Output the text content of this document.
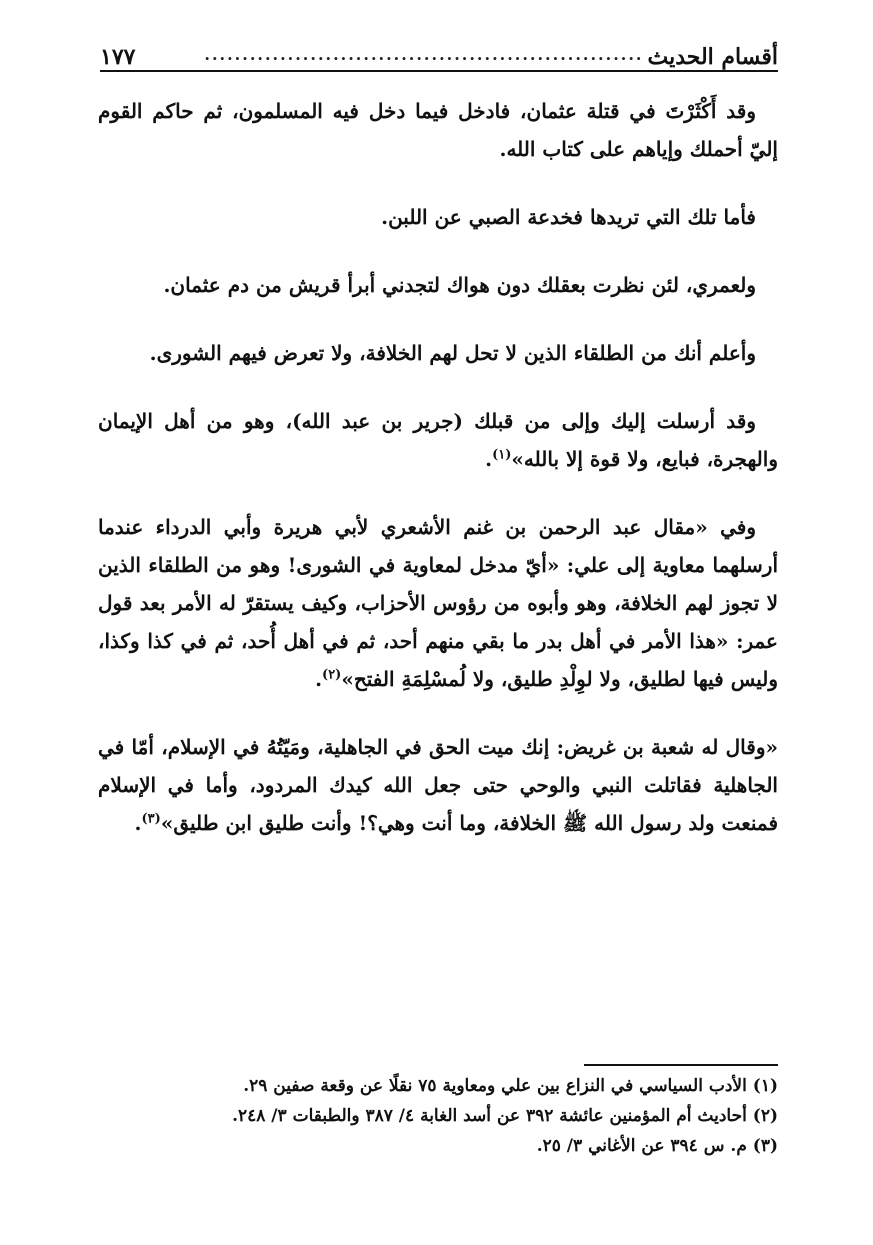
أقسام الحديث
..........................................................
١٧٧

وقد أَكْثَرْتَ في قتلة عثمان، فادخل فيما دخل فيه المسلمون، ثم حاكم القوم إليّ أحملك وإياهم على كتاب الله.

فأما تلك التي تريدها فخدعة الصبي عن اللبن.

ولعمري، لئن نظرت بعقلك دون هواك لتجدني أبرأ قريش من دم عثمان.

وأعلم أنك من الطلقاء الذين لا تحل لهم الخلافة، ولا تعرض فيهم الشورى.

وقد أرسلت إليك وإلى من قبلك (جرير بن عبد الله)، وهو من أهل الإيمان والهجرة، فبايع، ولا قوة إلا بالله»$^{(١)}$.

وفي «مقال عبد الرحمن بن غنم الأشعري لأبي هريرة وأبي الدرداء عندما أرسلهما معاوية إلى علي: «أيّ مدخل لمعاوية في الشورى! وهو من الطلقاء الذين لا تجوز لهم الخلافة، وهو وأبوه من رؤوس الأحزاب، وكيف يستقرّ له الأمر بعد قول عمر: «هذا الأمر في أهل بدر ما بقي منهم أحد، ثم في أهل أُحد، ثم في كذا وكذا، وليس فيها لطليق، ولا لوِلْدِ طليق، ولا لُمسْلِمَةِ الفتح»$^{(٢)}$.

«وقال له شعبة بن غريض: إنك ميت الحق في الجاهلية، ومَيّتُهُ في الإسلام، أمّا في الجاهلية فقاتلت النبي والوحي حتى جعل الله كيدك المردود، وأما في الإسلام فمنعت ولد رسول الله ﷺ الخلافة، وما أنت وهي؟! وأنت طليق ابن طليق»$^{(٣)}$.

(١) الأدب السياسي في النزاع بين علي ومعاوية ٧٥ نقلًا عن وقعة صفين ٢٩.
(٢) أحاديث أم المؤمنين عائشة ٣٩٢ عن أسد الغابة ٤/ ٣٨٧ والطبقات ٣/ ٢٤٨.
(٣) م. س ٣٩٤ عن الأغاني ٣/ ٢٥.
